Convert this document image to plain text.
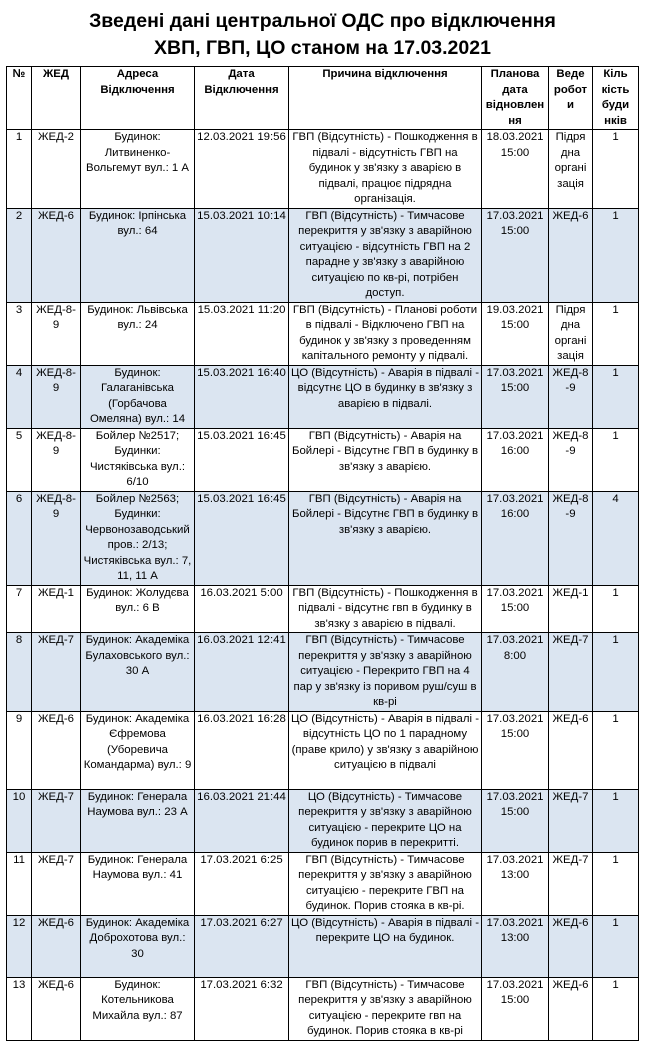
Зведені дані центральної ОДС про відключення
ХВП, ГВП, ЦО станом на 17.03.2021
№	ЖЕД	Адреса Відключення	Дата Відключення	Причина відключення	Планова дата відновлення	Веде робот и	Кіль кість буди нків
1	ЖЕД-2	Будинок: Литвиненко-Вольгемут вул.: 1 А	12.03.2021 19:56	ГВП (Відсутність) - Пошкодження в підвалі - відсутність ГВП на будинок у зв'язку з аварією в підвалі, працює підрядна організація.	18.03.2021 15:00	Підря дна органі зація	1
2	ЖЕД-6	Будинок: Ірпінська вул.: 64	15.03.2021 10:14	ГВП (Відсутність) - Тимчасове перекриття у зв'язку з аварійною ситуацією - відсутність ГВП на 2 парадне у зв'язку з аварійною ситуацією по кв-рі, потрібен доступ.	17.03.2021 15:00	ЖЕД-6	1
3	ЖЕД-8-9	Будинок: Львівська вул.: 24	15.03.2021 11:20	ГВП (Відсутність) - Планові роботи в підвалі - Відключено ГВП на будинок у зв'язку з проведенням капітального ремонту у підвалі.	19.03.2021 15:00	Підря дна органі зація	1
4	ЖЕД-8-9	Будинок: Галаганівська (Горбачова Омеляна) вул.: 14	15.03.2021 16:40	ЦО (Відсутність) - Аварія в підвалі - відсутнє ЦО в будинку в зв'язку з аварією в підвалі.	17.03.2021 15:00	ЖЕД-8-9	1
5	ЖЕД-8-9	Бойлер №2517; Будинки: Чистяківська вул.: 6/10	15.03.2021 16:45	ГВП (Відсутність) - Аварія на Бойлері - Відсутнє ГВП в будинку в зв'язку з аварією.	17.03.2021 16:00	ЖЕД-8-9	1
6	ЖЕД-8-9	Бойлер №2563; Будинки: Червонозаводський пров.: 2/13; Чистяківська вул.: 7, 11, 11 А	15.03.2021 16:45	ГВП (Відсутність) - Аварія на Бойлері - Відсутнє ГВП в будинку в зв'язку з аварією.	17.03.2021 16:00	ЖЕД-8-9	4
7	ЖЕД-1	Будинок: Жолудєва вул.: 6 В	16.03.2021 5:00	ГВП (Відсутність) - Пошкодження в підвалі - відсутнє гвп в будинку в зв'язку з аварією в підвалі.	17.03.2021 15:00	ЖЕД-1	1
8	ЖЕД-7	Будинок: Академіка Булаховського вул.: 30 А	16.03.2021 12:41	ГВП (Відсутність) - Тимчасове перекриття у зв'язку з аварійною ситуацією - Перекрито ГВП на 4 пар у зв'язку із поривом руш/суш в кв-рі	17.03.2021 8:00	ЖЕД-7	1
9	ЖЕД-6	Будинок: Академіка Єфремова (Уборевича Командарма) вул.: 9	16.03.2021 16:28	ЦО (Відсутність) - Аварія в підвалі - відсутність ЦО по 1 парадному (праве крило) у зв'язку з аварійною ситуацією в підвалі	17.03.2021 15:00	ЖЕД-6	1
10	ЖЕД-7	Будинок: Генерала Наумова вул.: 23 А	16.03.2021 21:44	ЦО (Відсутність) - Тимчасове перекриття у зв'язку з аварійною ситуацією - перекрите ЦО на будинок порив в перекритті.	17.03.2021 15:00	ЖЕД-7	1
11	ЖЕД-7	Будинок: Генерала Наумова вул.: 41	17.03.2021 6:25	ГВП (Відсутність) - Тимчасове перекриття у зв'язку з аварійною ситуацією - перекрите ГВП на будинок. Порив стояка в кв-рі.	17.03.2021 13:00	ЖЕД-7	1
12	ЖЕД-6	Будинок: Академіка Доброхотова вул.: 30	17.03.2021 6:27	ЦО (Відсутність) - Аварія в підвалі - перекрите ЦО на будинок.	17.03.2021 13:00	ЖЕД-6	1
13	ЖЕД-6	Будинок: Котельникова Михайла вул.: 87	17.03.2021 6:32	ГВП (Відсутність) - Тимчасове перекриття у зв'язку з аварійною ситуацією - перекрите гвп на будинок. Порив стояка в кв-рі	17.03.2021 15:00	ЖЕД-6	1
